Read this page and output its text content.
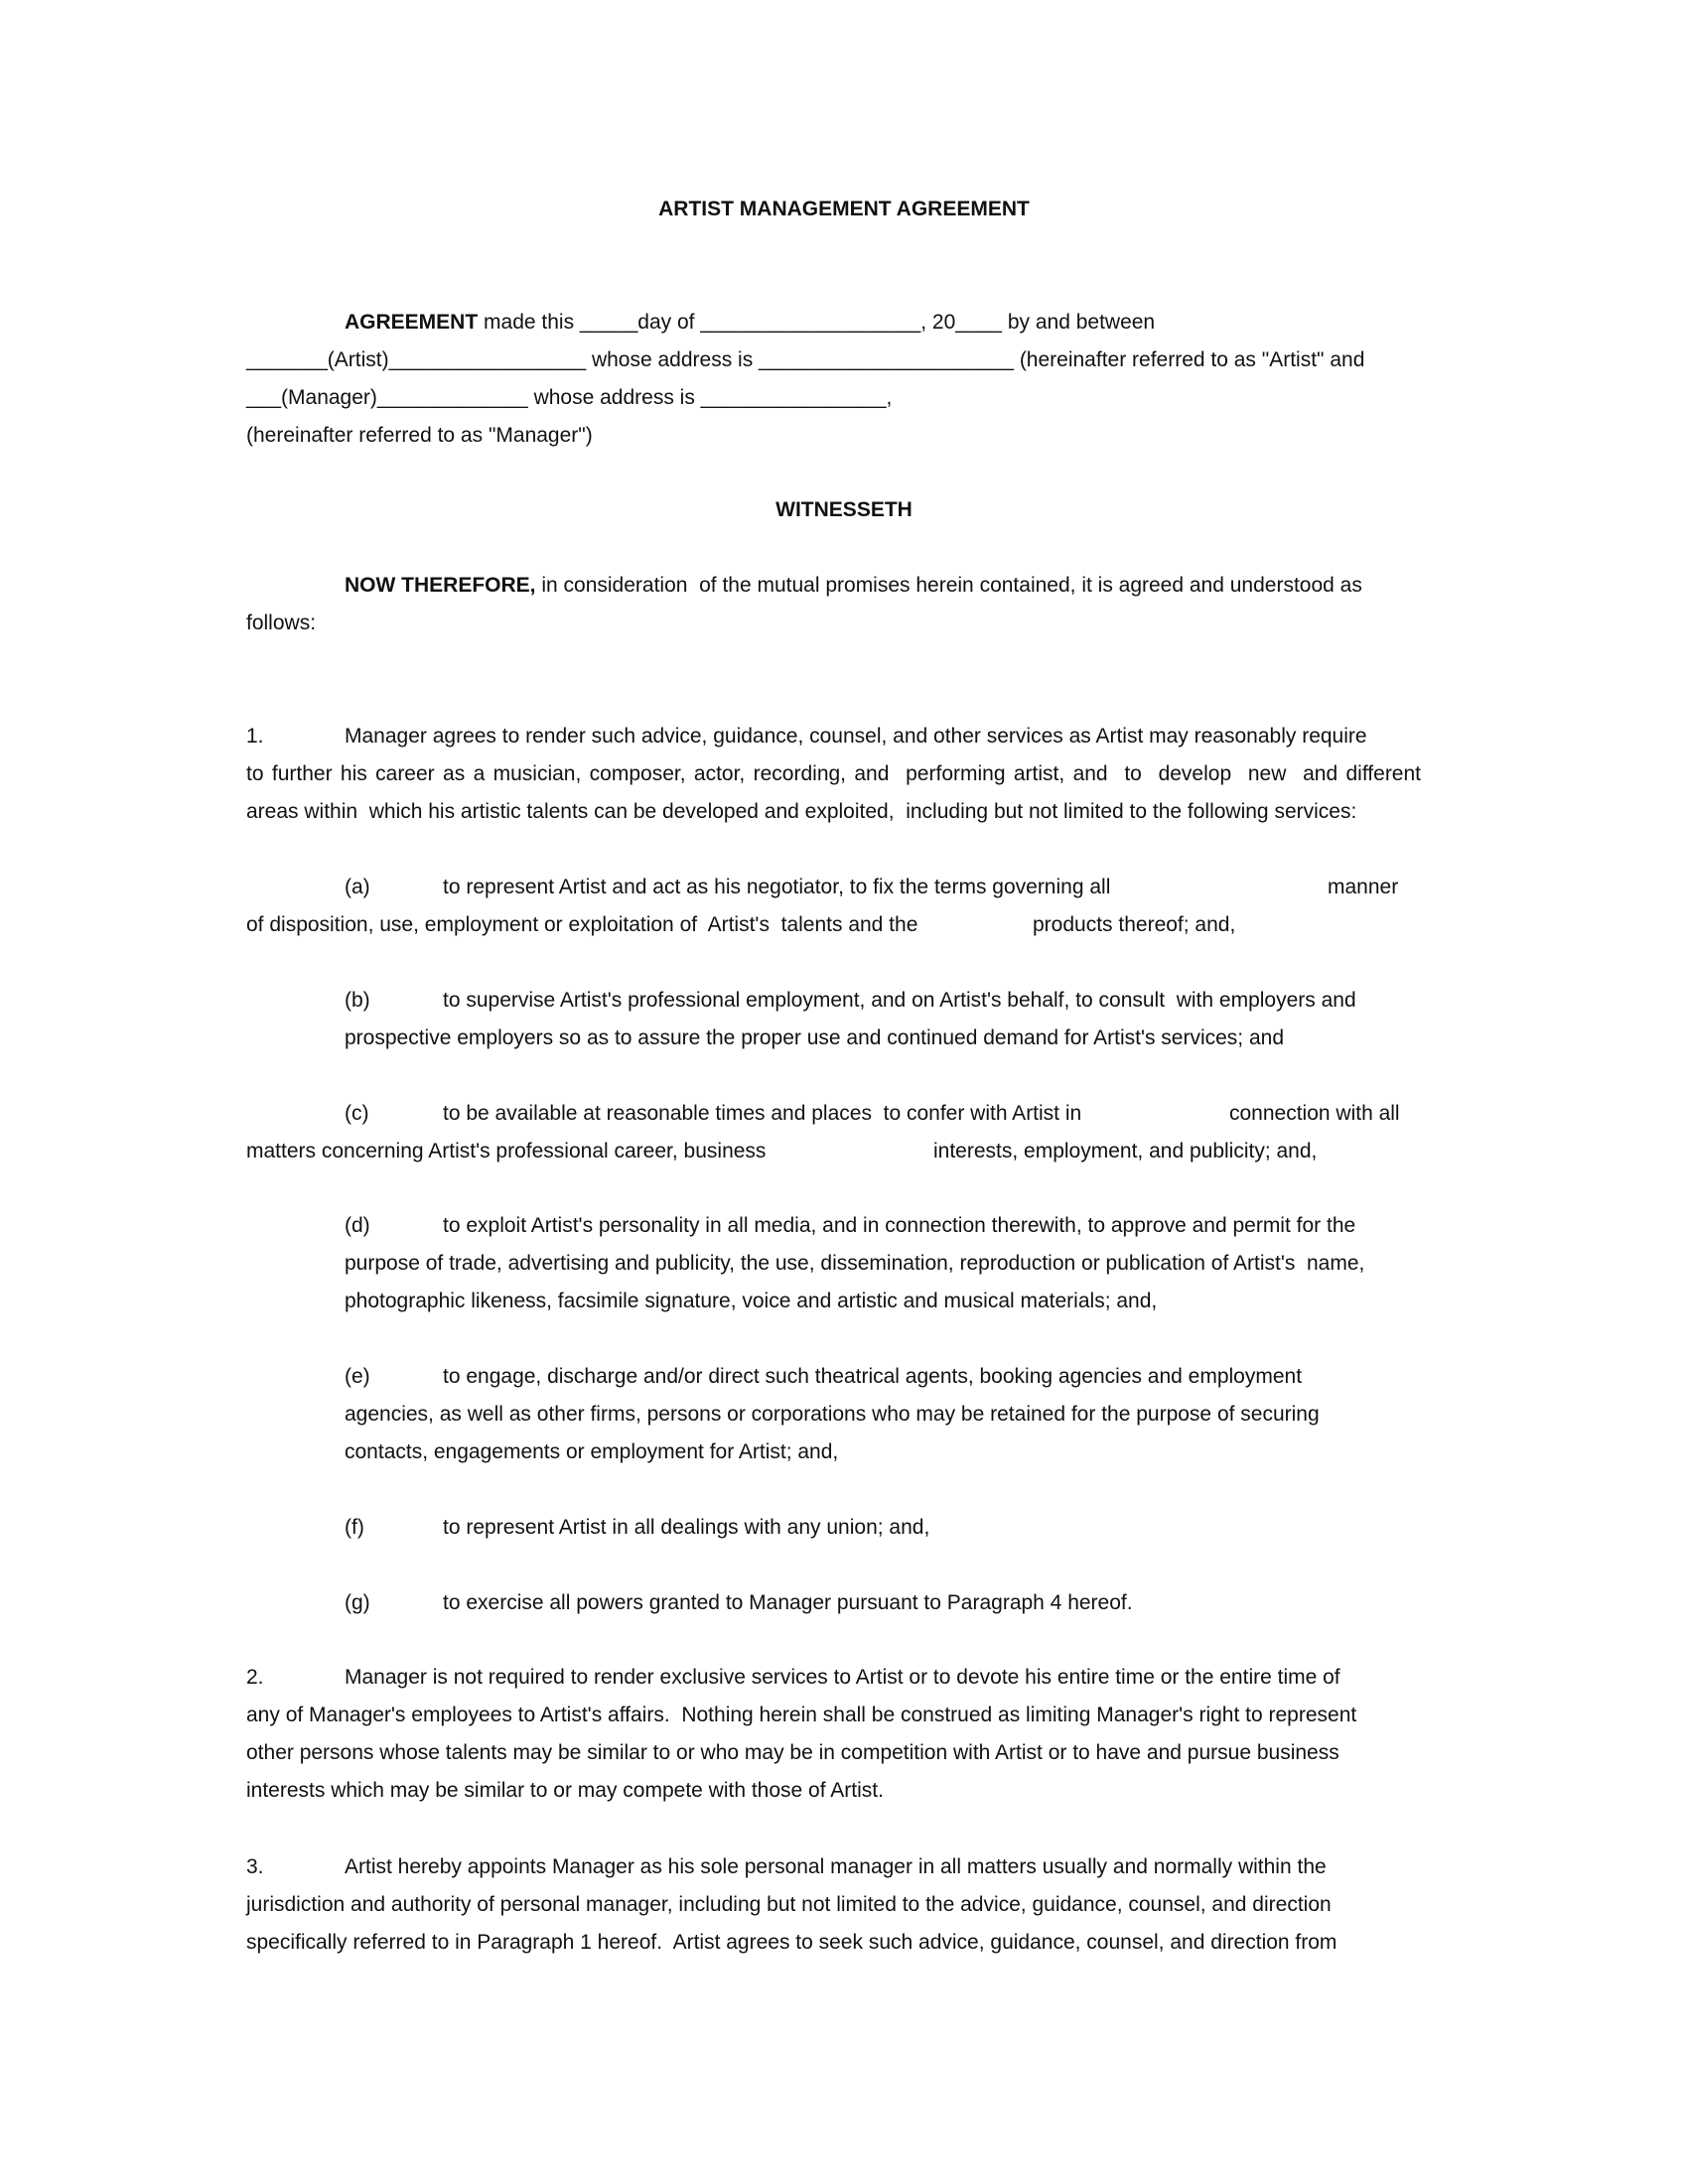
ARTIST MANAGEMENT AGREEMENT
AGREEMENT made this _____day of ___________________, 20____ by and between
_______(Artist)_________________ whose address is ______________________ (hereinafter referred to as "Artist" and
___(Manager)_____________ whose address is ________________,
(hereinafter referred to as "Manager")
WITNESSETH
NOW THEREFORE, in consideration  of the mutual promises herein contained, it is agreed and understood as
follows:
1.	Manager agrees to render such advice, guidance, counsel, and other services as Artist may reasonably require
to further his career as a musician, composer, actor, recording, and  performing artist, and  to  develop  new  and different
areas within  which his artistic talents can be developed and exploited,  including but not limited to the following services:
(a)	to represent Artist and act as his negotiator, to fix the terms governing all	manner
of disposition, use, employment or exploitation of  Artist's  talents and the	products thereof; and,
(b)	to supervise Artist's professional employment, and on Artist's behalf, to consult  with employers and
prospective employers so as to assure the proper use and continued demand for Artist's services; and
(c)	to be available at reasonable times and places  to confer with Artist in	connection with all
matters concerning Artist's professional career, business	interests, employment, and publicity; and,
(d)	to exploit Artist's personality in all media, and in connection therewith, to approve and permit for the
purpose of trade, advertising and publicity, the use, dissemination, reproduction or publication of Artist's  name,
photographic likeness, facsimile signature, voice and artistic and musical materials; and,
(e)	to engage, discharge and/or direct such theatrical agents, booking agencies and employment
agencies, as well as other firms, persons or corporations who may be retained for the purpose of securing
contacts, engagements or employment for Artist; and,
(f)	to represent Artist in all dealings with any union; and,
(g)	to exercise all powers granted to Manager pursuant to Paragraph 4 hereof.
2.	Manager is not required to render exclusive services to Artist or to devote his entire time or the entire time of
any of Manager's employees to Artist's affairs.  Nothing herein shall be construed as limiting Manager's right to represent
other persons whose talents may be similar to or who may be in competition with Artist or to have and pursue business
interests which may be similar to or may compete with those of Artist.
3.	Artist hereby appoints Manager as his sole personal manager in all matters usually and normally within the
jurisdiction and authority of personal manager, including but not limited to the advice, guidance, counsel, and direction
specifically referred to in Paragraph 1 hereof.  Artist agrees to seek such advice, guidance, counsel, and direction from
